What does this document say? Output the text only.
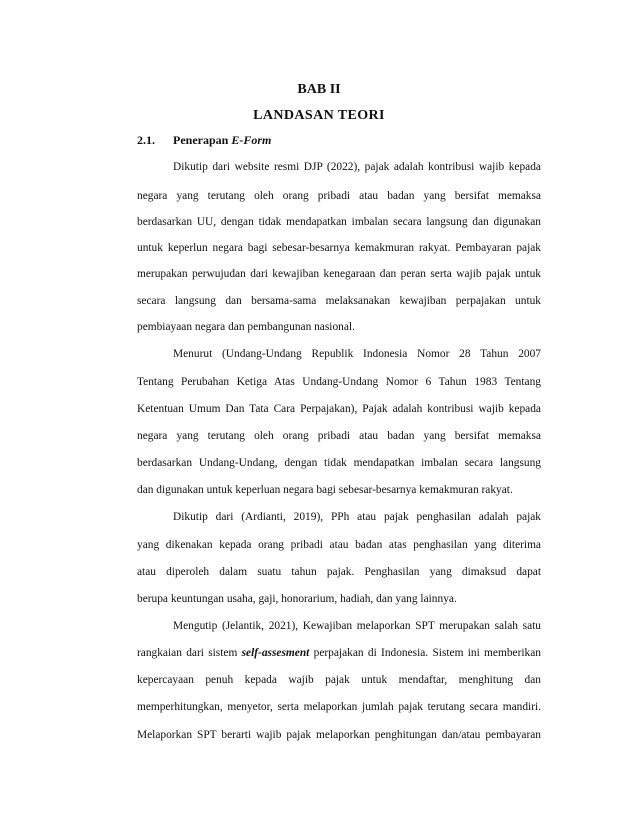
BAB II
LANDASAN TEORI
2.1. Penerapan E-Form

Dikutip dari website resmi DJP (2022), pajak adalah kontribusi wajib kepada

negara yang terutang oleh orang pribadi atau badan yang bersifat memaksa

berdasarkan UU, dengan tidak mendapatkan imbalan secara langsung dan digunakan

untuk keperlun negara bagi sebesar-besarnya kemakmuran rakyat. Pembayaran pajak

merupakan perwujudan dari kewajiban kenegaraan dan peran serta wajib pajak untuk

secara langsung dan bersama-sama melaksanakan kewajiban perpajakan untuk

pembiayaan negara dan pembangunan nasional.

Menurut (Undang-Undang Republik Indonesia Nomor 28 Tahun 2007

Tentang Perubahan Ketiga Atas Undang-Undang Nomor 6 Tahun 1983 Tentang

Ketentuan Umum Dan Tata Cara Perpajakan), Pajak adalah kontribusi wajib kepada

negara yang terutang oleh orang pribadi atau badan yang bersifat memaksa

berdasarkan Undang-Undang, dengan tidak mendapatkan imbalan secara langsung

dan digunakan untuk keperluan negara bagi sebesar-besarnya kemakmuran rakyat.

Dikutip dari (Ardianti, 2019), PPh atau pajak penghasilan adalah pajak

yang dikenakan kepada orang pribadi atau badan atas penghasilan yang diterima

atau diperoleh dalam suatu tahun pajak. Penghasilan yang dimaksud dapat

berupa keuntungan usaha, gaji, honorarium, hadiah, dan yang lainnya.

Mengutip (Jelantik, 2021), Kewajiban melaporkan SPT merupakan salah satu

rangkaian dari sistem self-assesment perpajakan di Indonesia. Sistem ini memberikan

kepercayaan penuh kepada wajib pajak untuk mendaftar, menghitung dan

memperhitungkan, menyetor, serta melaporkan jumlah pajak terutang secara mandiri.

Melaporkan SPT berarti wajib pajak melaporkan penghitungan dan/atau pembayaran
